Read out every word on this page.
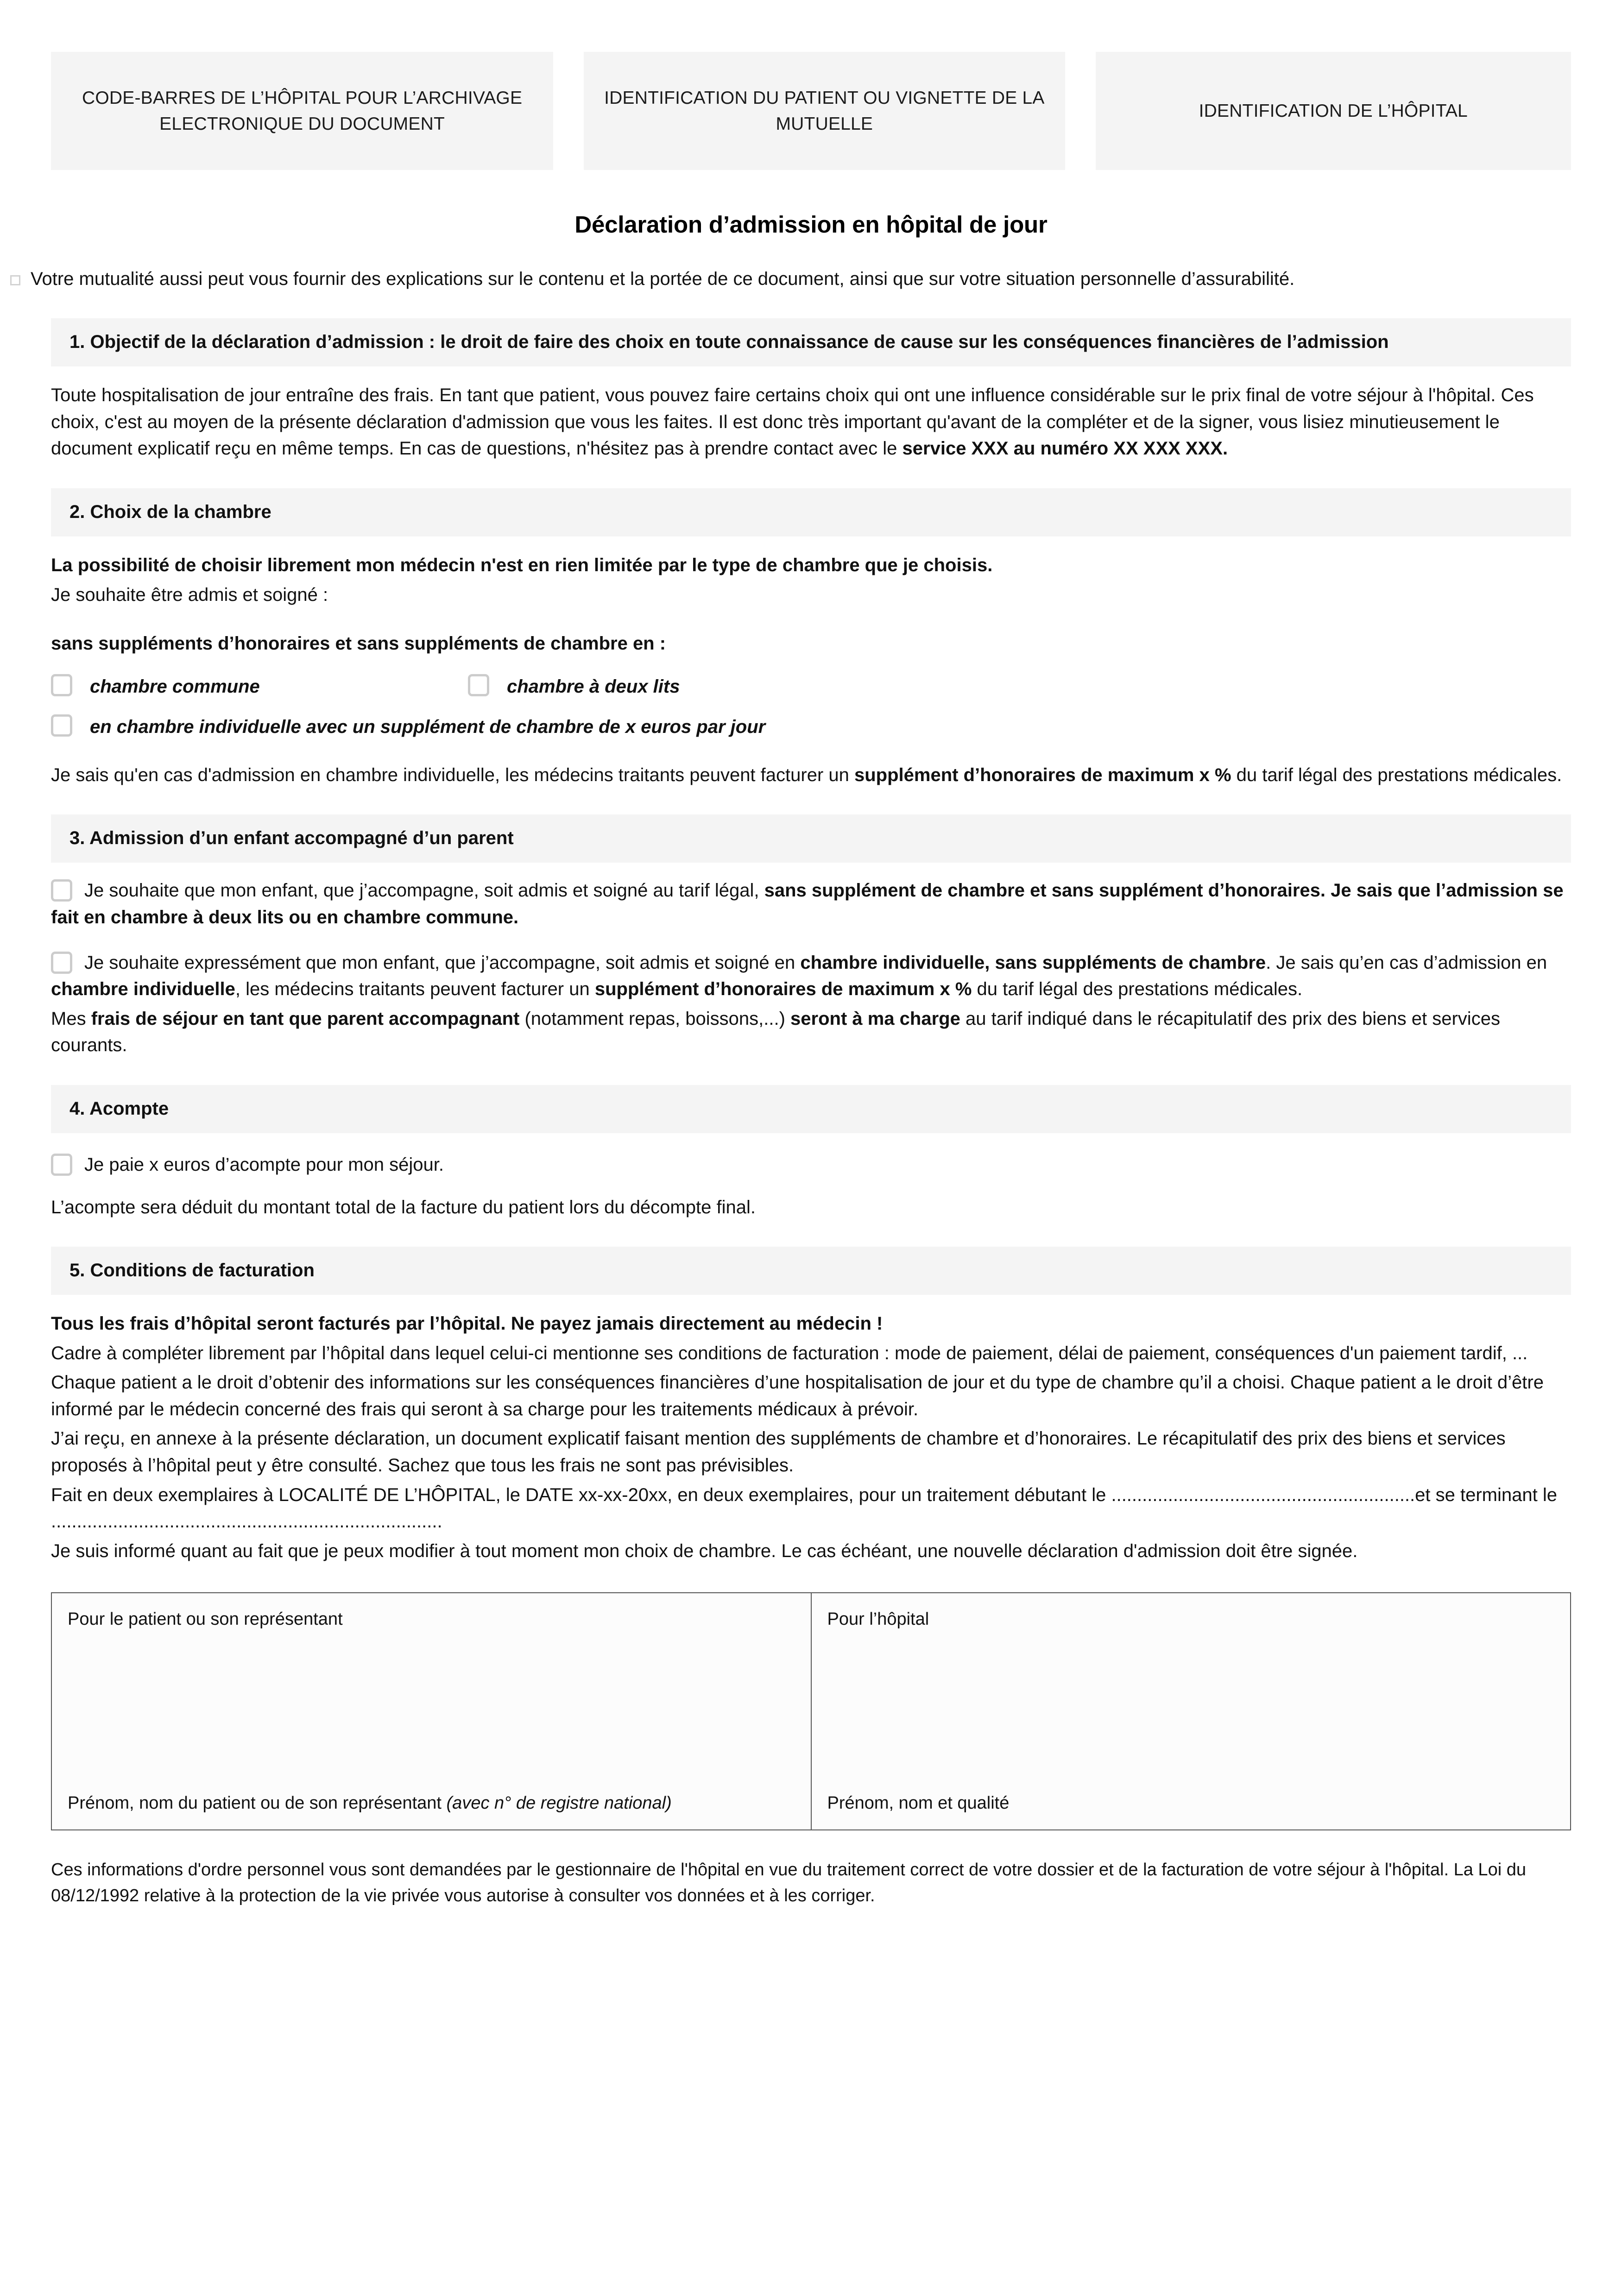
CODE-BARRES DE L’HÔPITAL POUR L’ARCHIVAGE ELECTRONIQUE DU DOCUMENT
IDENTIFICATION DU PATIENT OU VIGNETTE DE LA MUTUELLE
IDENTIFICATION DE L’HÔPITAL
Déclaration d’admission en hôpital de jour
Votre mutualité aussi peut vous fournir des explications sur le contenu et la portée de ce document, ainsi que sur votre situation personnelle d’assurabilité.
1. Objectif de la déclaration d’admission : le droit de faire des choix en toute connaissance de cause sur les conséquences financières de l’admission

Toute hospitalisation de jour entraîne des frais. En tant que patient, vous pouvez faire certains choix qui ont une influence considérable sur le prix final de votre séjour à l'hôpital. Ces choix, c'est au moyen de la présente déclaration d'admission que vous les faites. Il est donc très important qu'avant de la compléter et de la signer, vous lisiez minutieusement le document explicatif reçu en même temps. En cas de questions, n'hésitez pas à prendre contact avec le service XXX au numéro XX XXX XXX.

2. Choix de la chambre

La possibilité de choisir librement mon médecin n'est en rien limitée par le type de chambre que je choisis.

Je souhaite être admis et soigné :

sans suppléments d’honoraires et sans suppléments de chambre en :

chambre commune	chambre à deux lits
en chambre individuelle avec un supplément de chambre de x euros par jour

Je sais qu'en cas d'admission en chambre individuelle, les médecins traitants peuvent facturer un supplément d’honoraires de maximum x % du tarif légal des prestations médicales.

3. Admission d’un enfant accompagné d’un parent
Je souhaite que mon enfant, que j’accompagne, soit admis et soigné au tarif légal, sans supplément de chambre et sans supplément d’honoraires. Je sais que l’admission se fait en chambre à deux lits ou en chambre commune.
Je souhaite expressément que mon enfant, que j’accompagne, soit admis et soigné en chambre individuelle, sans suppléments de chambre. Je sais qu’en cas d’admission en chambre individuelle, les médecins traitants peuvent facturer un supplément d’honoraires de maximum x % du tarif légal des prestations médicales.

Mes frais de séjour en tant que parent accompagnant (notamment repas, boissons,...) seront à ma charge au tarif indiqué dans le récapitulatif des prix des biens et services courants.

4. Acompte
Je paie x euros d’acompte pour mon séjour.

L’acompte sera déduit du montant total de la facture du patient lors du décompte final.

5. Conditions de facturation

Tous les frais d’hôpital seront facturés par l’hôpital. Ne payez jamais directement au médecin !

Cadre à compléter librement par l’hôpital dans lequel celui-ci mentionne ses conditions de facturation : mode de paiement, délai de paiement, conséquences d'un paiement tardif, ...

Chaque patient a le droit d’obtenir des informations sur les conséquences financières d’une hospitalisation de jour et du type de chambre qu’il a choisi. Chaque patient a le droit d’être informé par le médecin concerné des frais qui seront à sa charge pour les traitements médicaux à prévoir.

J’ai reçu, en annexe à la présente déclaration, un document explicatif faisant mention des suppléments de chambre et d’honoraires. Le récapitulatif des prix des biens et services proposés à l’hôpital peut y être consulté. Sachez que tous les frais ne sont pas prévisibles.

Fait en deux exemplaires à LOCALITÉ DE L’HÔPITAL, le DATE xx-xx-20xx, en deux exemplaires, pour un traitement débutant le ...........................................................et se terminant le ............................................................................

Je suis informé quant au fait que je peux modifier à tout moment mon choix de chambre. Le cas échéant, une nouvelle déclaration d'admission doit être signée.

Pour le patient ou son représentant	Pour l’hôpital
Prénom, nom du patient ou de son représentant (avec n° de registre national)	Prénom, nom et qualité

Ces informations d'ordre personnel vous sont demandées par le gestionnaire de l'hôpital en vue du traitement correct de votre dossier et de la facturation de votre séjour à l'hôpital. La Loi du 08/12/1992 relative à la protection de la vie privée vous autorise à consulter vos données et à les corriger.
